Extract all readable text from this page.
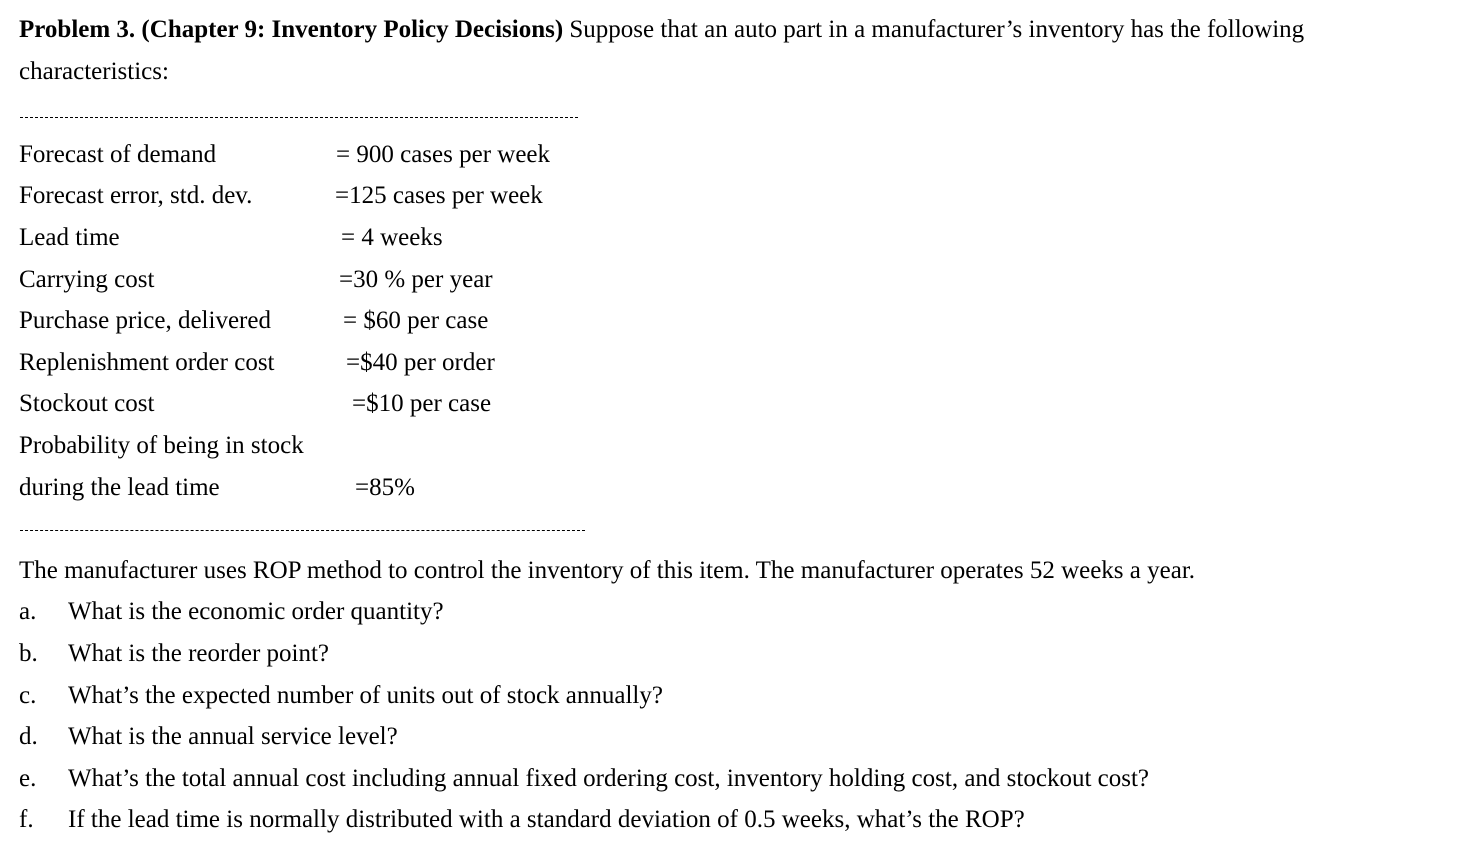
Problem 3. (Chapter 9: Inventory Policy Decisions) Suppose that an auto part in a manufacturer’s inventory has the following
characteristics:
Forecast of demand	= 900 cases per week
Forecast error, std. dev.	=125 cases per week
Lead time	= 4 weeks
Carrying cost	=30 % per year
Purchase price, delivered	= $60 per case
Replenishment order cost	=$40 per order
Stockout cost	=$10 per case
Probability of being in stock
during the lead time	=85%
The manufacturer uses ROP method to control the inventory of this item. The manufacturer operates 52 weeks a year.
a. What is the economic order quantity?
b. What is the reorder point?
c. What’s the expected number of units out of stock annually?
d. What is the annual service level?
e. What’s the total annual cost including annual fixed ordering cost, inventory holding cost, and stockout cost?
f. If the lead time is normally distributed with a standard deviation of 0.5 weeks, what’s the ROP?
